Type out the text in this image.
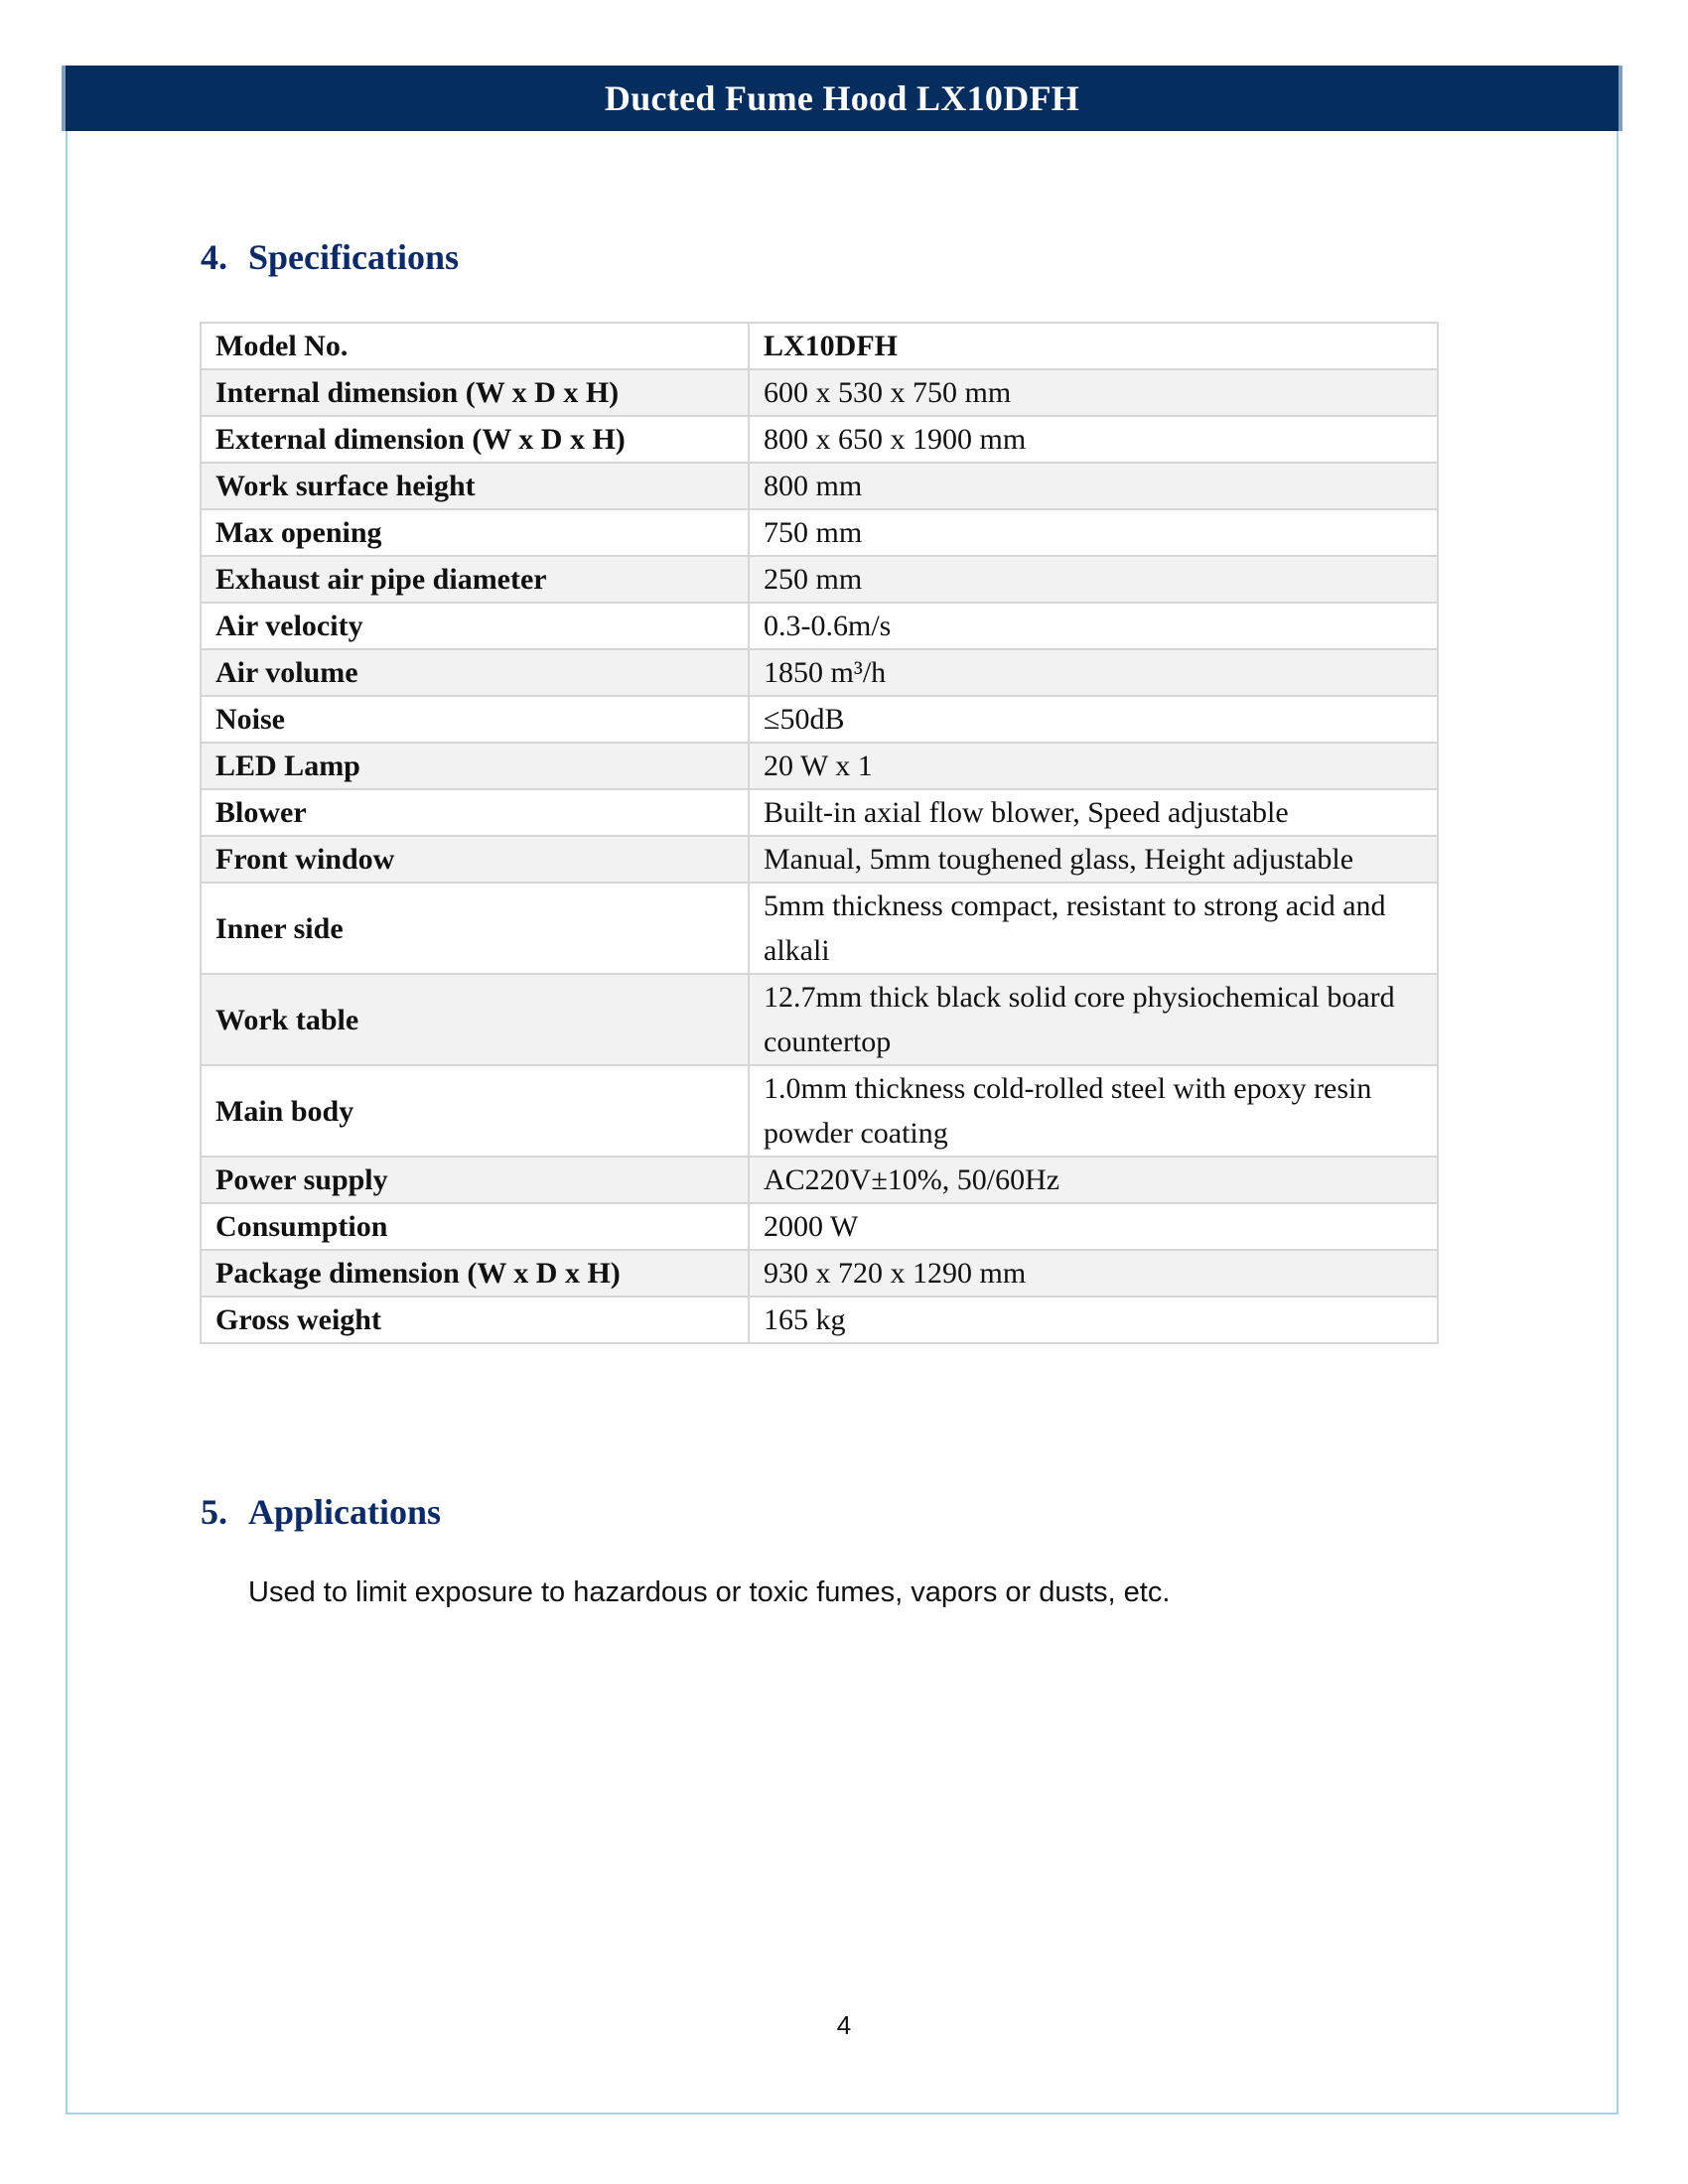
Ducted Fume Hood LX10DFH
4. Specifications
Model No.	LX10DFH
Internal dimension (W x D x H)	600 x 530 x 750 mm
External dimension (W x D x H)	800 x 650 x 1900 mm
Work surface height	800 mm
Max opening	750 mm
Exhaust air pipe diameter	250 mm
Air velocity	0.3-0.6m/s
Air volume	1850 m³/h
Noise	≤50dB
LED Lamp	20 W x 1
Blower	Built-in axial flow blower, Speed adjustable
Front window	Manual, 5mm toughened glass, Height adjustable
Inner side	5mm thickness compact, resistant to strong acid and alkali
Work table	12.7mm thick black solid core physiochemical board countertop
Main body	1.0mm thickness cold-rolled steel with epoxy resin powder coating
Power supply	AC220V±10%, 50/60Hz
Consumption	2000 W
Package dimension (W x D x H)	930 x 720 x 1290 mm
Gross weight	165 kg
5. Applications
Used to limit exposure to hazardous or toxic fumes, vapors or dusts, etc.
4
